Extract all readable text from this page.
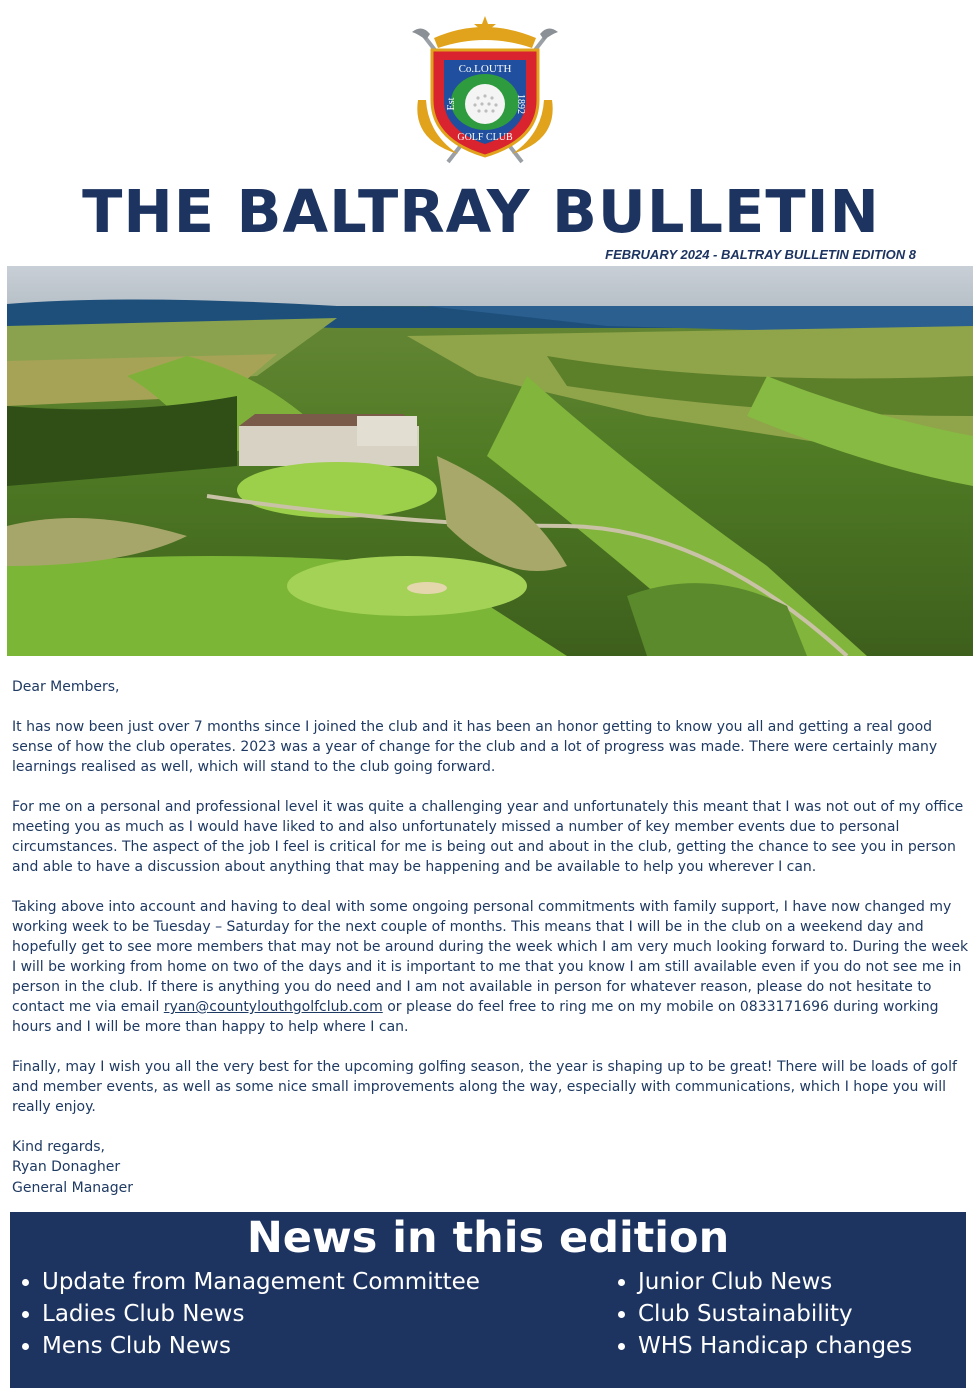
Co.LOUTH
GOLF CLUB
Est	1892
THE BALTRAY BULLETIN
FEBRUARY 2024 - BALTRAY BULLETIN EDITION 8

Dear Members,

It has now been just over 7 months since I joined the club and it has been an honor getting to know you all and getting a real good sense of how the club operates. 2023 was a year of change for the club and a lot of progress was made. There were certainly many learnings realised as well, which will stand to the club going forward.

For me on a personal and professional level it was quite a challenging year and unfortunately this meant that I was not out of my office meeting you as much as I would have liked to and also unfortunately missed a number of key member events due to personal circumstances. The aspect of the job I feel is critical for me is being out and about in the club, getting the chance to see you in person and able to have a discussion about anything that may be happening and be available to help you wherever I can.

Taking above into account and having to deal with some ongoing personal commitments with family support, I have now changed my working week to be Tuesday – Saturday for the next couple of months. This means that I will be in the club on a weekend day and hopefully get to see more members that may not be around during the week which I am very much looking forward to. During the week I will be working from home on two of the days and it is important to me that you know I am still available even if you do not see me in person in the club. If there is anything you do need and I am not available in person for whatever reason, please do not hesitate to contact me via email ryan@countylouthgolfclub.com or please do feel free to ring me on my mobile on 0833171696 during working hours and I will be more than happy to help where I can.

Finally, may I wish you all the very best for the upcoming golfing season, the year is shaping up to be great! There will be loads of golf and member events, as well as some nice small improvements along the way, especially with communications, which I hope you will really enjoy.

Kind regards,
Ryan Donagher
General Manager
News in this edition
Update from Management Committee
Ladies Club News
Mens Club News
Junior Club News
Club Sustainability
WHS Handicap changes
